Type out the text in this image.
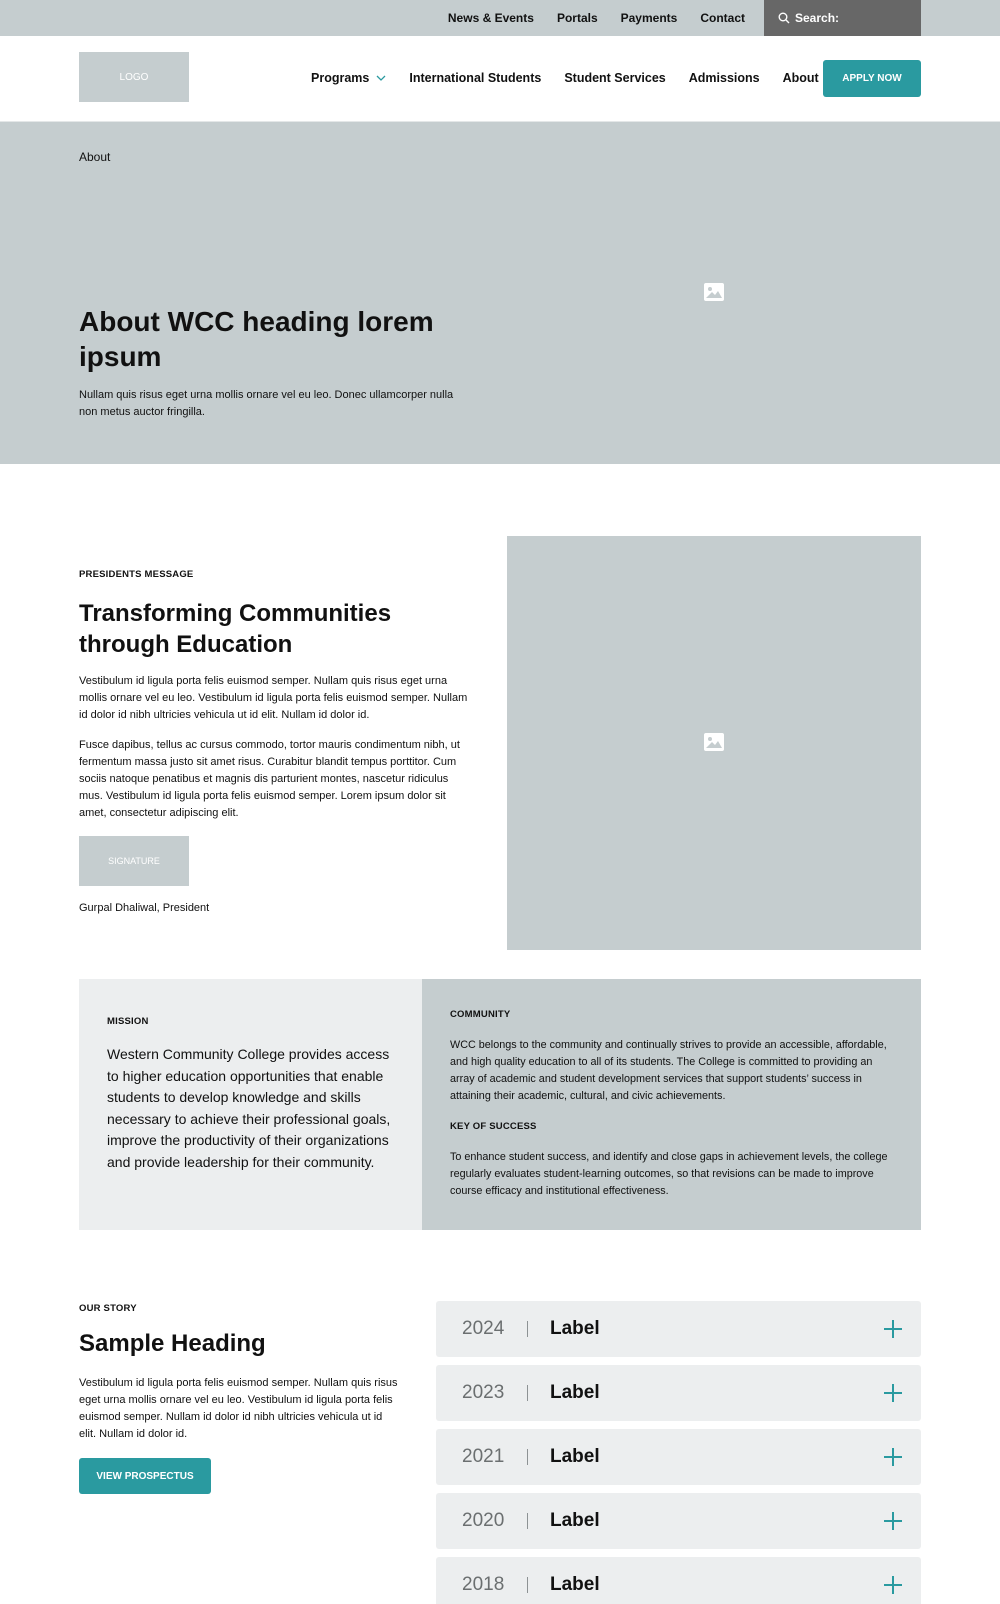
News & Events Portals Payments Contact	Search:
LOGO	Programs	International Students Student Services Admissions About	APPLY NOW
About
About WCC heading lorem ipsum
Nullam quis risus eget urna mollis ornare vel eu leo. Donec ullamcorper nulla non metus auctor fringilla.
PRESIDENTS MESSAGE
Transforming Communities through Education
Vestibulum id ligula porta felis euismod semper. Nullam quis risus eget urna mollis ornare vel eu leo. Vestibulum id ligula porta felis euismod semper. Nullam id dolor id nibh ultricies vehicula ut id elit. Nullam id dolor id.
Fusce dapibus, tellus ac cursus commodo, tortor mauris condimentum nibh, ut fermentum massa justo sit amet risus. Curabitur blandit tempus porttitor. Cum sociis natoque penatibus et magnis dis parturient montes, nascetur ridiculus mus. Vestibulum id ligula porta felis euismod semper. Lorem ipsum dolor sit amet, consectetur adipiscing elit.
SIGNATURE
Gurpal Dhaliwal, President
MISSION
Western Community College provides access to higher education opportunities that enable students to develop knowledge and skills necessary to achieve their professional goals, improve the productivity of their organizations and provide leadership for their community.
COMMUNITY
WCC belongs to the community and continually strives to provide an accessible, affordable, and high quality education to all of its students. The College is committed to providing an array of academic and student development services that support students’ success in attaining their academic, cultural, and civic achievements.
KEY OF SUCCESS
To enhance student success, and identify and close gaps in achievement levels, the college regularly evaluates student-learning outcomes, so that revisions can be made to improve course efficacy and institutional effectiveness.
OUR STORY
Sample Heading
Vestibulum id ligula porta felis euismod semper. Nullam quis risus eget urna mollis ornare vel eu leo. Vestibulum id ligula porta felis euismod semper. Nullam id dolor id nibh ultricies vehicula ut id elit. Nullam id dolor id.
VIEW PROSPECTUS
2024 Label
2023 Label
2021 Label
2020 Label
2018 Label
